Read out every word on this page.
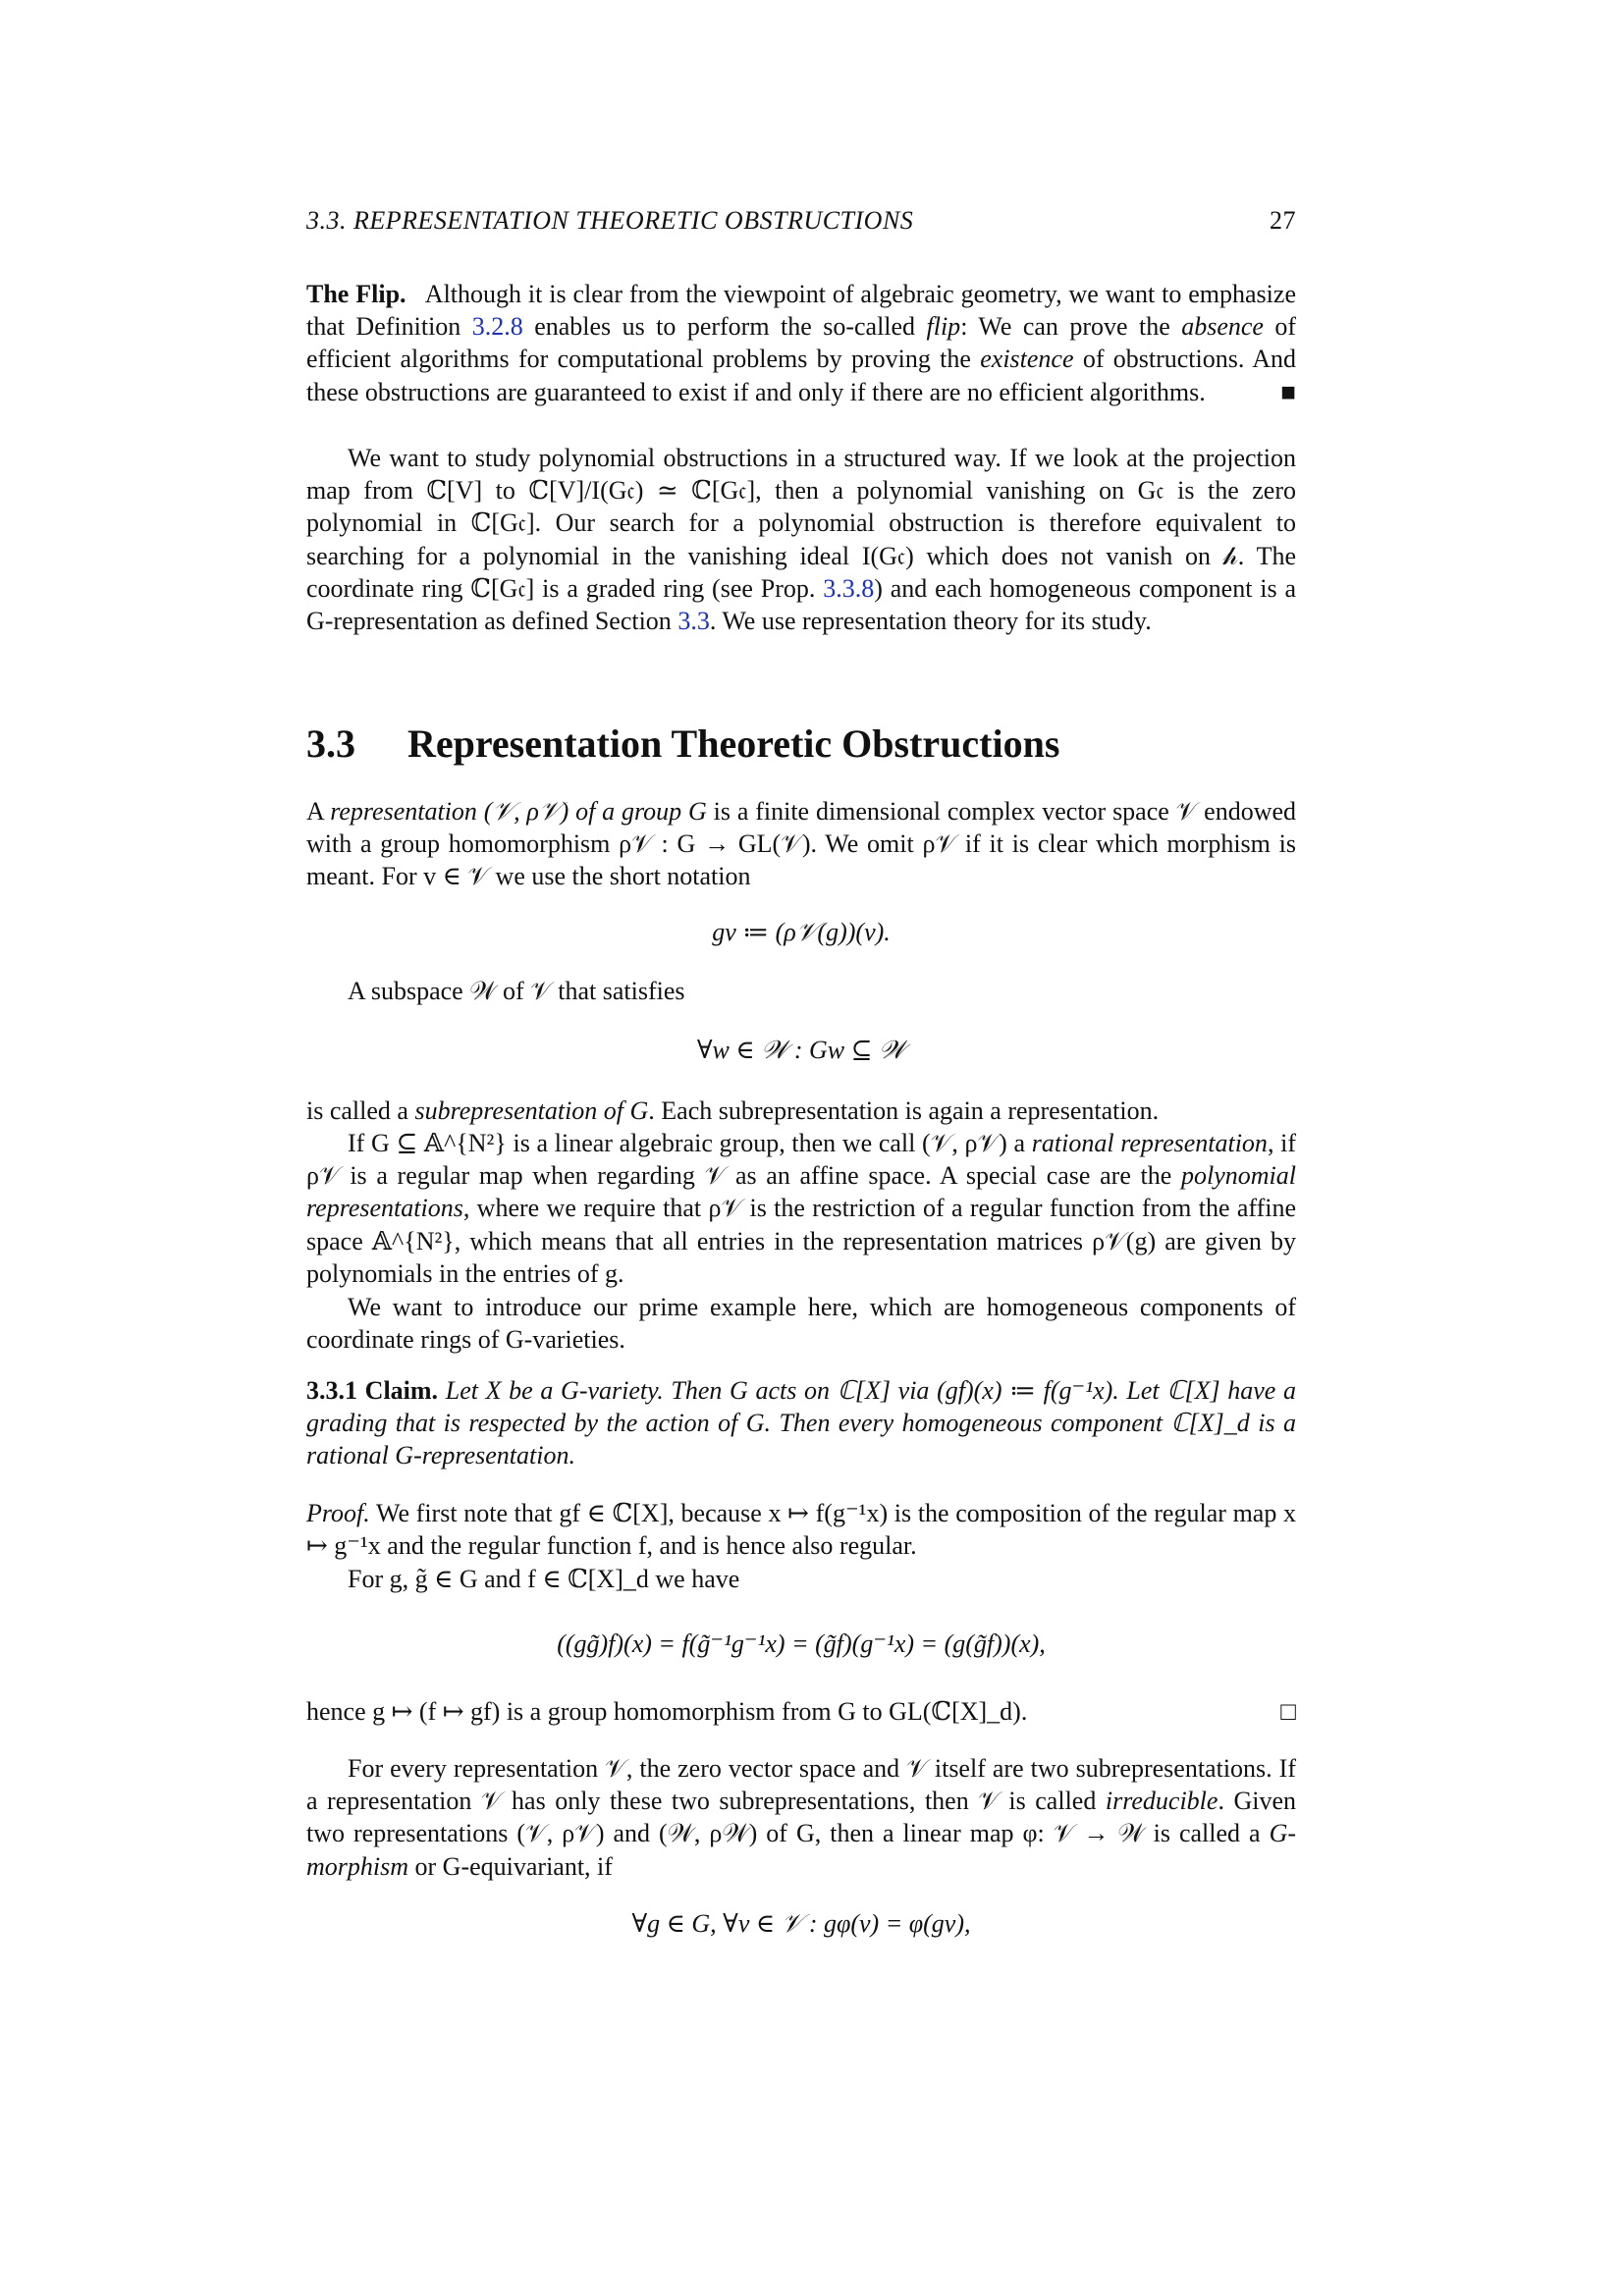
3.3. REPRESENTATION THEORETIC OBSTRUCTIONS	27
The Flip. Although it is clear from the viewpoint of algebraic geometry, we want to emphasize that Definition 3.2.8 enables us to perform the so-called flip: We can prove the absence of efficient algorithms for computational problems by proving the existence of obstructions. And these obstructions are guaranteed to exist if and only if there are no efficient algorithms.	■
We want to study polynomial obstructions in a structured way. If we look at the projection map from ℂ[V] to ℂ[V]/I(G𝔠) ≃ ℂ[G𝔠], then a polynomial vanishing on G𝔠 is the zero polynomial in ℂ[G𝔠]. Our search for a polynomial obstruction is therefore equivalent to searching for a polynomial in the vanishing ideal I(G𝔠) which does not vanish on 𝒽. The coordinate ring ℂ[G𝔠] is a graded ring (see Prop. 3.3.8) and each homogeneous component is a G-representation as defined Section 3.3. We use representation theory for its study.
3.3 Representation Theoretic Obstructions
A representation (𝒱, ρ𝒱) of a group G is a finite dimensional complex vector space 𝒱 endowed with a group homomorphism ρ𝒱 : G → GL(𝒱). We omit ρ𝒱 if it is clear which morphism is meant. For v ∈ 𝒱 we use the short notation
gv ≔ (ρ𝒱(g))(v).
A subspace 𝒲 of 𝒱 that satisfies
∀w ∈ 𝒲 : Gw ⊆ 𝒲
is called a subrepresentation of G. Each subrepresentation is again a representation.
If G ⊆ 𝔸^{N²} is a linear algebraic group, then we call (𝒱, ρ𝒱) a rational representation, if ρ𝒱 is a regular map when regarding 𝒱 as an affine space. A special case are the polynomial representations, where we require that ρ𝒱 is the restriction of a regular function from the affine space 𝔸^{N²}, which means that all entries in the representation matrices ρ𝒱(g) are given by polynomials in the entries of g.
We want to introduce our prime example here, which are homogeneous components of coordinate rings of G-varieties.
3.3.1 Claim. Let X be a G-variety. Then G acts on ℂ[X] via (gf)(x) ≔ f(g⁻¹x). Let ℂ[X] have a grading that is respected by the action of G. Then every homogeneous component ℂ[X]_d is a rational G-representation.
Proof. We first note that gf ∈ ℂ[X], because x ↦ f(g⁻¹x) is the composition of the regular map x ↦ g⁻¹x and the regular function f, and is hence also regular.
For g, g̃ ∈ G and f ∈ ℂ[X]_d we have
((gg̃)f)(x) = f(g̃⁻¹g⁻¹x) = (g̃f)(g⁻¹x) = (g(g̃f))(x),
hence g ↦ (f ↦ gf) is a group homomorphism from G to GL(ℂ[X]_d).	□
For every representation 𝒱, the zero vector space and 𝒱 itself are two subrepresentations. If a representation 𝒱 has only these two subrepresentations, then 𝒱 is called irreducible. Given two representations (𝒱, ρ𝒱) and (𝒲, ρ𝒲) of G, then a linear map φ: 𝒱 → 𝒲 is called a G-morphism or G-equivariant, if
∀g ∈ G, ∀v ∈ 𝒱 : gφ(v) = φ(gv),
